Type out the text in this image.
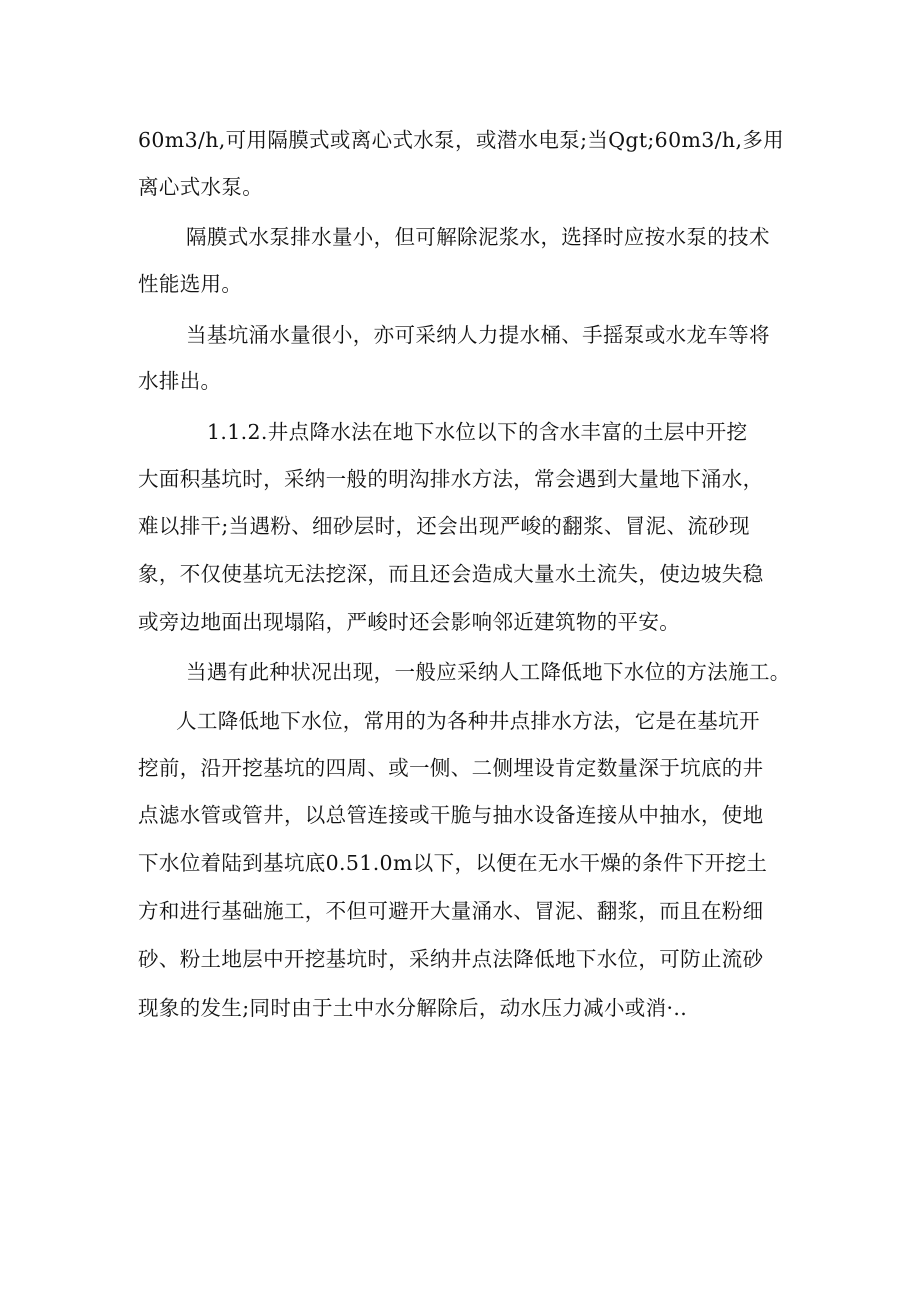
60m3/h,可用隔膜式或离心式水泵，或潜水电泵;当Qgt;60m3/h,多用
离心式水泵。
隔膜式水泵排水量小，但可解除泥浆水，选择时应按水泵的技术
性能选用。
当基坑涌水量很小，亦可采纳人力提水桶、手摇泵或水龙车等将
水排出。
1.1.2.井点降水法在地下水位以下的含水丰富的土层中开挖
大面积基坑时，采纳一般的明沟排水方法，常会遇到大量地下涌水，
难以排干;当遇粉、细砂层时，还会出现严峻的翻浆、冒泥、流砂现
象，不仅使基坑无法挖深，而且还会造成大量水土流失，使边坡失稳
或旁边地面出现塌陷，严峻时还会影响邻近建筑物的平安。
当遇有此种状况出现，一般应采纳人工降低地下水位的方法施工。
人工降低地下水位，常用的为各种井点排水方法，它是在基坑开
挖前，沿开挖基坑的四周、或一侧、二侧埋设肯定数量深于坑底的井
点滤水管或管井，以总管连接或干脆与抽水设备连接从中抽水，使地
下水位着陆到基坑底0.51.0m以下，以便在无水干燥的条件下开挖土
方和进行基础施工，不但可避开大量涌水、冒泥、翻浆，而且在粉细
砂、粉土地层中开挖基坑时，采纳井点法降低地下水位，可防止流砂
现象的发生;同时由于土中水分解除后，动水压力减小或消·..
